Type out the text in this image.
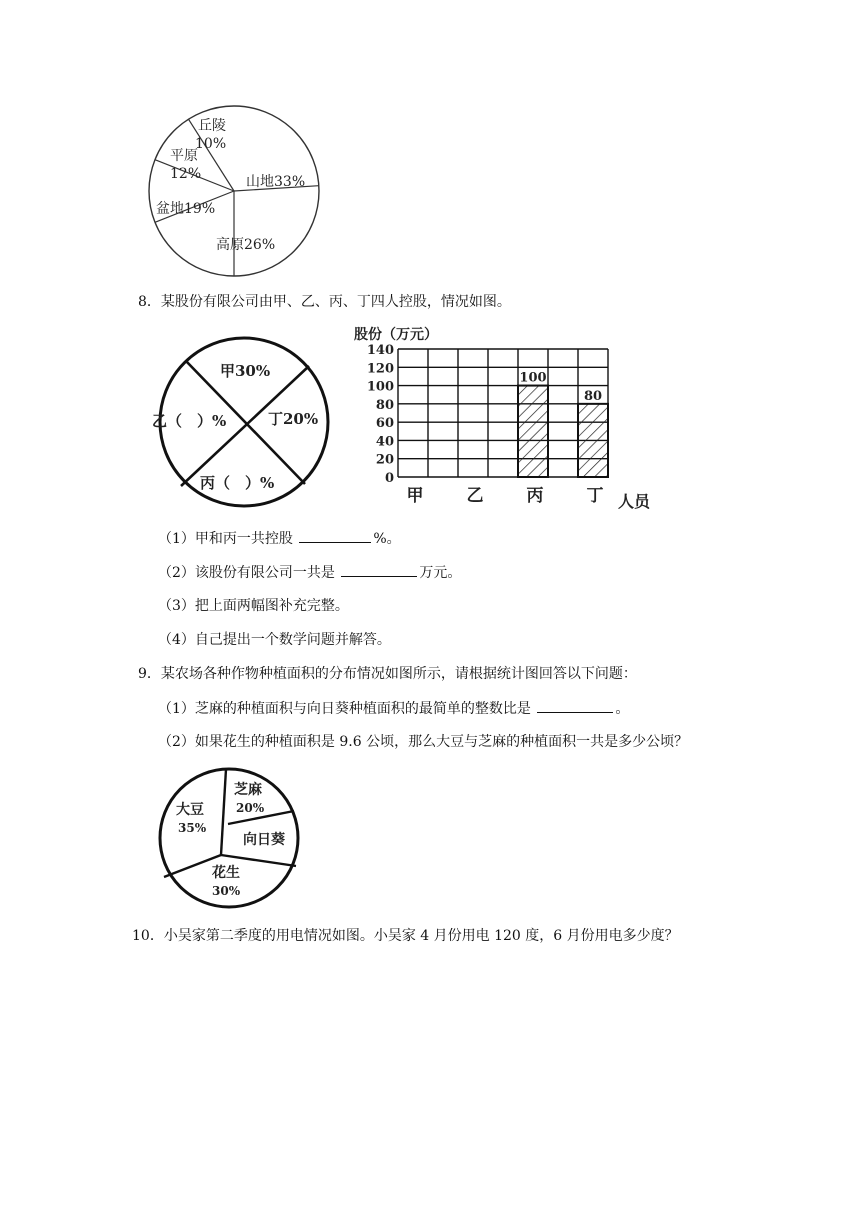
山地33%
高原26%
盆地19%
平原
12%
丘陵
10%
8．某股份有限公司由甲、乙、丙、丁四人控股，情况如图。
甲30%
乙（　）%	丁20%
丙（　）%
股份（万元）
0
20
40
60
80
100
120
140
100
80
甲	乙	丙	丁 人员
（1）甲和丙一共控股	%。
（2）该股份有限公司一共是	万元。
（3）把上面两幅图补充完整。
（4）自己提出一个数学问题并解答。
9．某农场各种作物种植面积的分布情况如图所示，请根据统计图回答以下问题：
（1）芝麻的种植面积与向日葵种植面积的最简单的整数比是	。
（2）如果花生的种植面积是 9.6 公顷，那么大豆与芝麻的种植面积一共是多少公顷？
芝麻
20%
大豆
35%
向日葵
花生
30%
10．小吴家第二季度的用电情况如图。小吴家 4 月份用电 120 度，6 月份用电多少度？
